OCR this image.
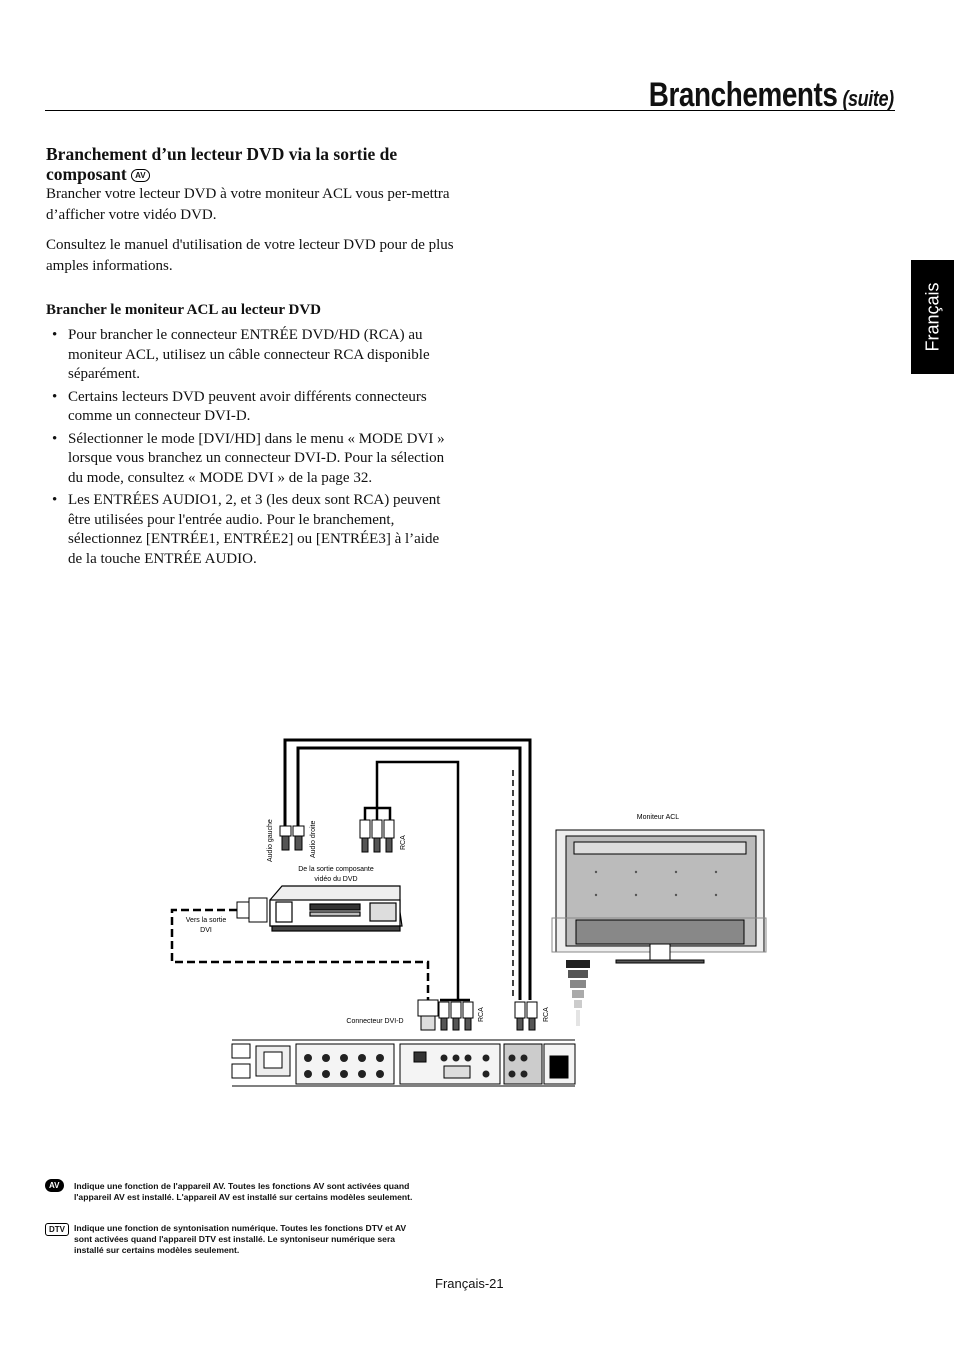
Branchements (suite)
Français
Branchement d’un lecteur DVD via la sortie de composant AV
Brancher votre lecteur DVD à votre moniteur ACL vous per-mettra d’afficher votre vidéo DVD.
Consultez le manuel d'utilisation de votre lecteur DVD pour de plus amples informations.
Brancher le moniteur ACL au lecteur DVD
• Pour brancher le connecteur ENTRÉE DVD/HD (RCA) au moniteur ACL, utilisez un câble connecteur RCA disponible séparément.
• Certains lecteurs DVD peuvent avoir différents connecteurs comme un connecteur DVI-D.
• Sélectionner le mode [DVI/HD] dans le menu « MODE DVI » lorsque vous branchez un connecteur DVI-D. Pour la sélection du mode, consultez « MODE DVI » de la page 32.
• Les ENTRÉES AUDIO1, 2, et 3 (les deux sont RCA) peuvent être utilisées pour l'entrée audio. Pour le branchement, sélectionnez [ENTRÉE1, ENTRÉE2] ou [ENTRÉE3] à l’aide de la touche ENTRÉE AUDIO.
Audio gauche	Audio droite	RCA
De la sortie composante
vidéo du DVD
Vers la sortie
DVI
Moniteur ACL
Connecteur DVI-D	RCA	RCA
AV	Indique une fonction de l'appareil AV. Toutes les fonctions AV sont activées quand l'appareil AV est installé. L'appareil AV est installé sur certains modèles seulement.
DTV	Indique une fonction de syntonisation numérique. Toutes les fonctions DTV et AV sont activées quand l'appareil DTV est installé. Le syntoniseur numérique sera installé sur certains modèles seulement.
Français-21
